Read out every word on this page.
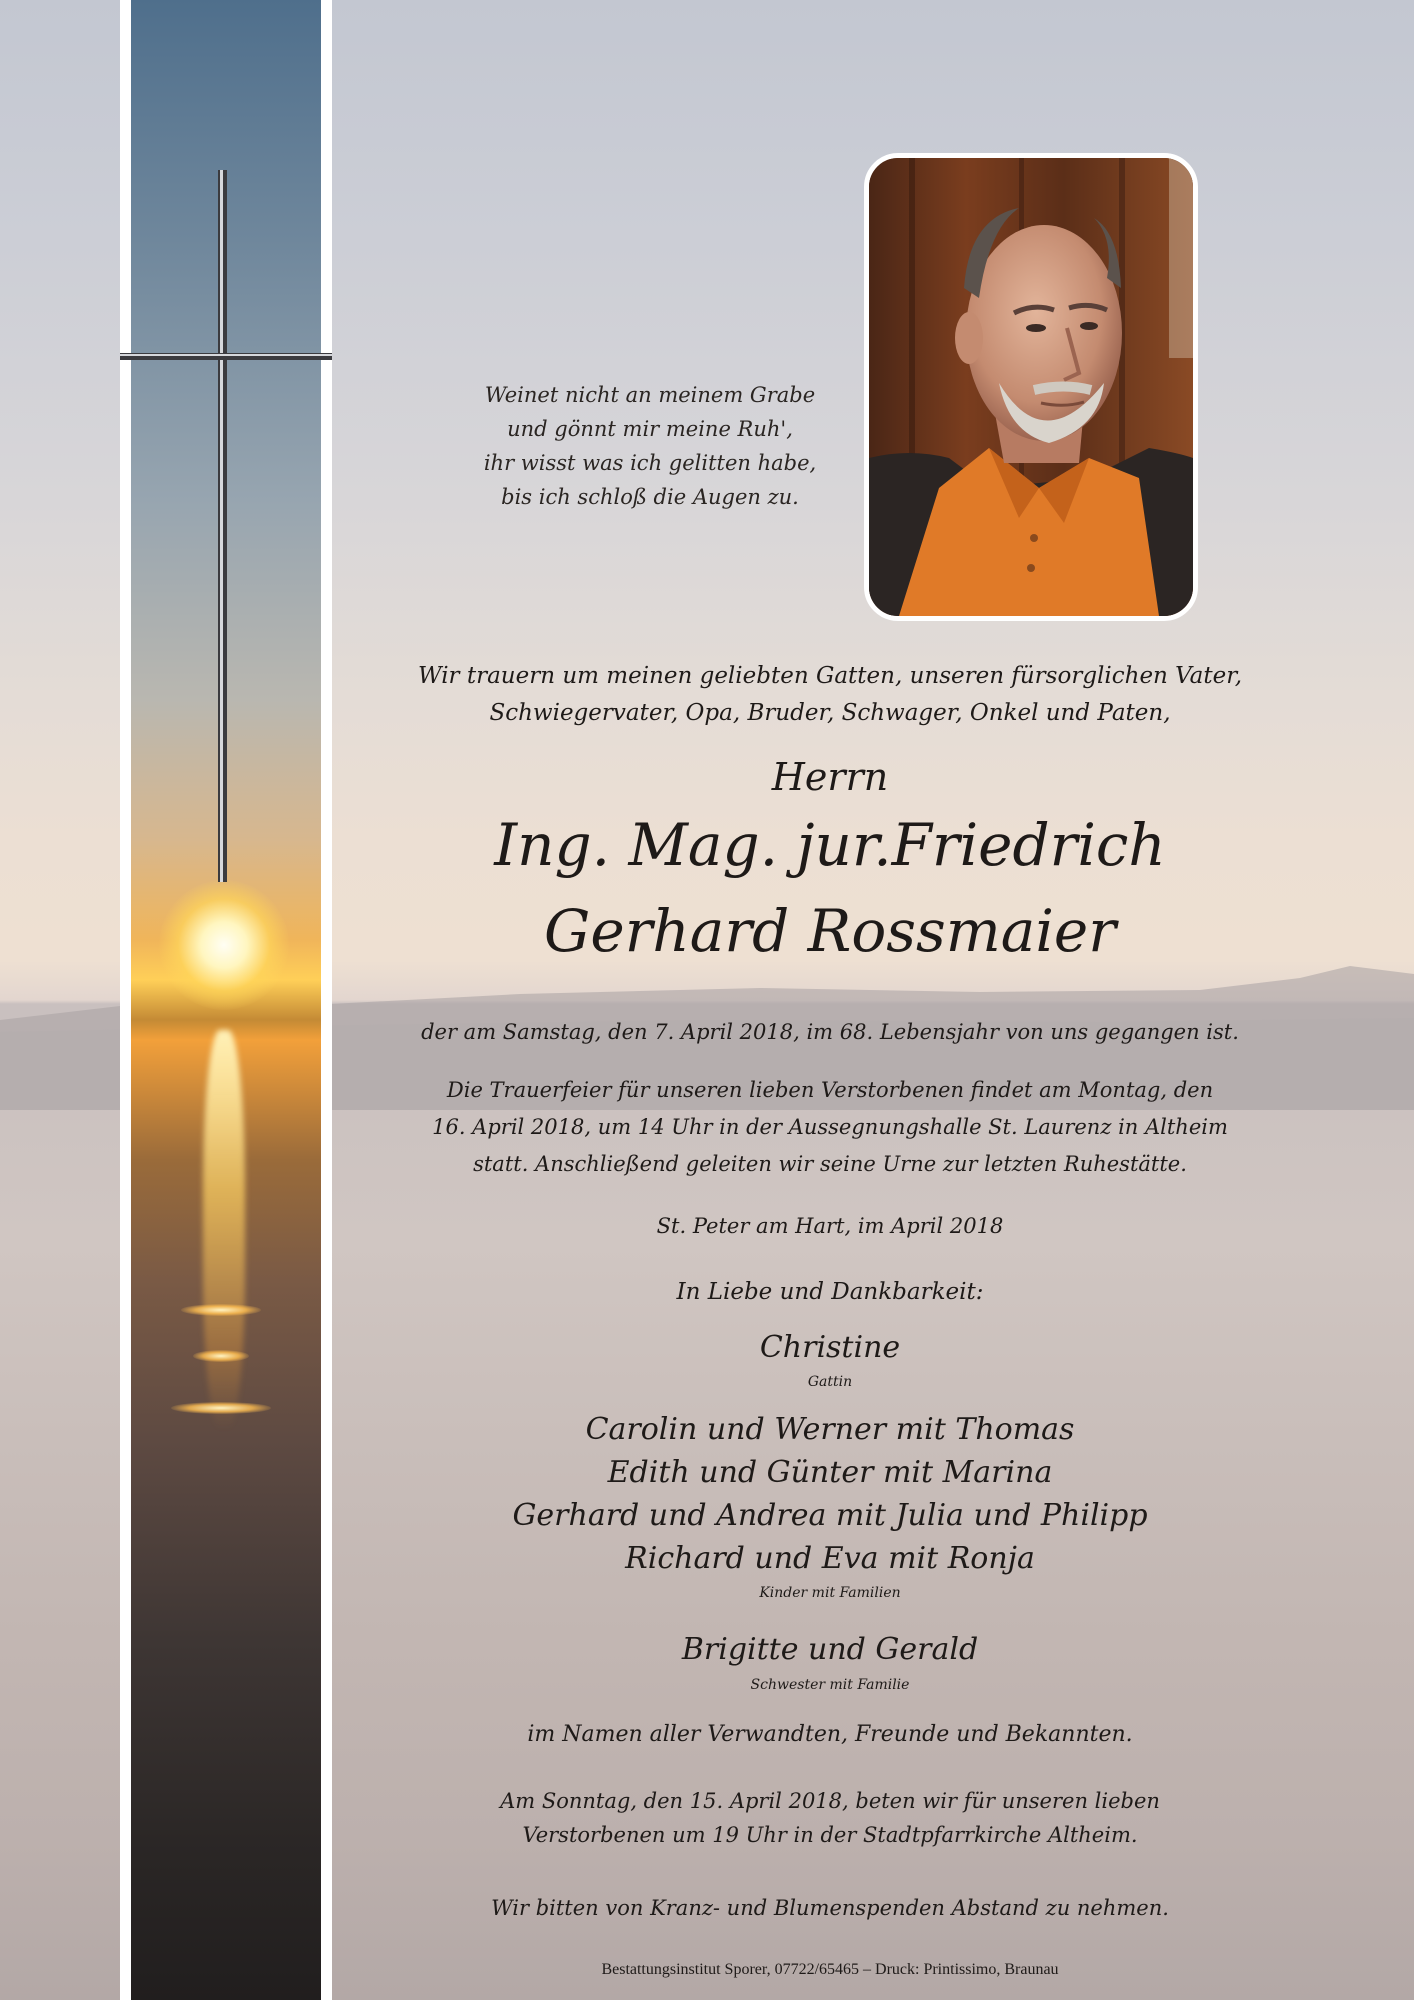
Weinet nicht an meinem Grabe
und gönnt mir meine Ruh',
ihr wisst was ich gelitten habe,
bis ich schloß die Augen zu.

Wir trauern um meinen geliebten Gatten, unseren fürsorglichen Vater,
Schwiegervater, Opa, Bruder, Schwager, Onkel und Paten,

Herrn

Ing. Mag. jur.Friedrich

Gerhard Rossmaier

der am Samstag, den 7. April 2018, im 68. Lebensjahr von uns gegangen ist.

Die Trauerfeier für unseren lieben Verstorbenen findet am Montag, den
16. April 2018, um 14 Uhr in der Aussegnungshalle St. Laurenz in Altheim
statt. Anschließend geleiten wir seine Urne zur letzten Ruhestätte.

St. Peter am Hart, im April 2018

In Liebe und Dankbarkeit:

Christine

Gattin

Carolin und Werner mit Thomas
Edith und Günter mit Marina
Gerhard und Andrea mit Julia und Philipp
Richard und Eva mit Ronja

Kinder mit Familien

Brigitte und Gerald

Schwester mit Familie

im Namen aller Verwandten, Freunde und Bekannten.

Am Sonntag, den 15. April 2018, beten wir für unseren lieben
Verstorbenen um 19 Uhr in der Stadtpfarrkirche Altheim.

Wir bitten von Kranz- und Blumenspenden Abstand zu nehmen.

Bestattungsinstitut Sporer, 07722/65465 – Druck: Printissimo, Braunau
